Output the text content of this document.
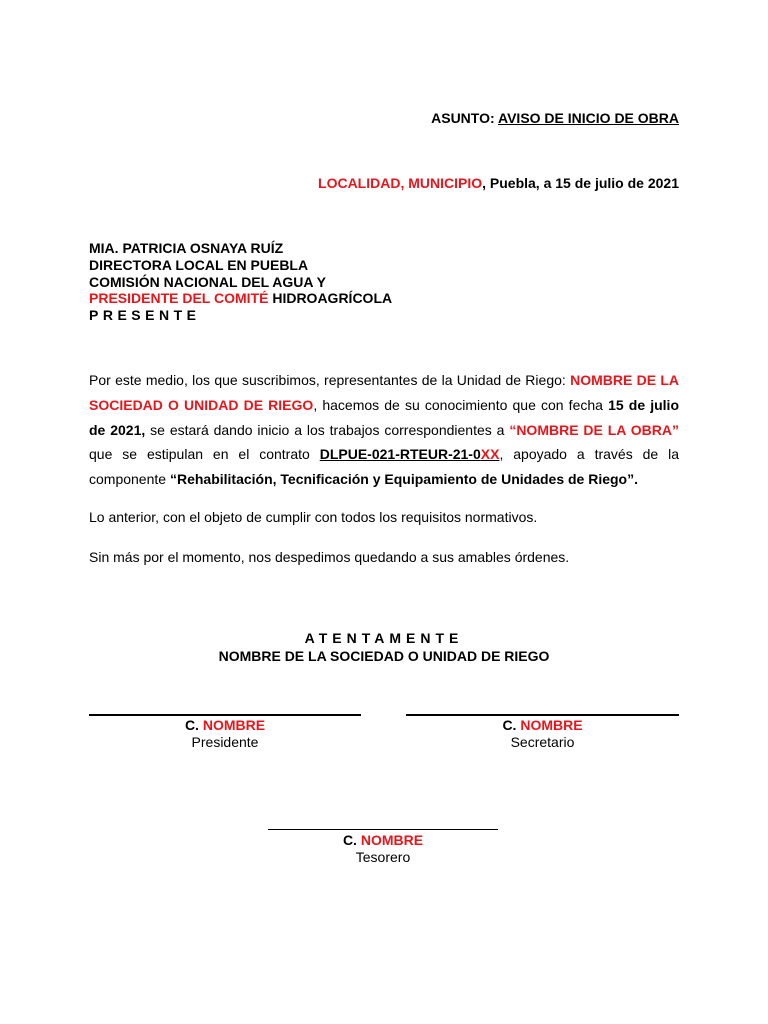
ASUNTO: AVISO DE INICIO DE OBRA
LOCALIDAD, MUNICIPIO, Puebla, a 15 de julio de 2021
MIA. PATRICIA OSNAYA RUÍZ
DIRECTORA LOCAL EN PUEBLA
COMISIÓN NACIONAL DEL AGUA Y
PRESIDENTE DEL COMITÉ HIDROAGRÍCOLA
PRESENTE
Por este medio, los que suscribimos, representantes de la Unidad de Riego: NOMBRE DE LA SOCIEDAD O UNIDAD DE RIEGO, hacemos de su conocimiento que con fecha 15 de julio de 2021, se estará dando inicio a los trabajos correspondientes a “NOMBRE DE LA OBRA” que se estipulan en el contrato DLPUE-021-RTEUR-21-0XX, apoyado a través de la componente “Rehabilitación, Tecnificación y Equipamiento de Unidades de Riego”.
Lo anterior, con el objeto de cumplir con todos los requisitos normativos.
Sin más por el momento, nos despedimos quedando a sus amables órdenes.
ATENTAMENTE
NOMBRE DE LA SOCIEDAD O UNIDAD DE RIEGO
C. NOMBRE
Presidente
C. NOMBRE
Secretario
C. NOMBRE
Tesorero
